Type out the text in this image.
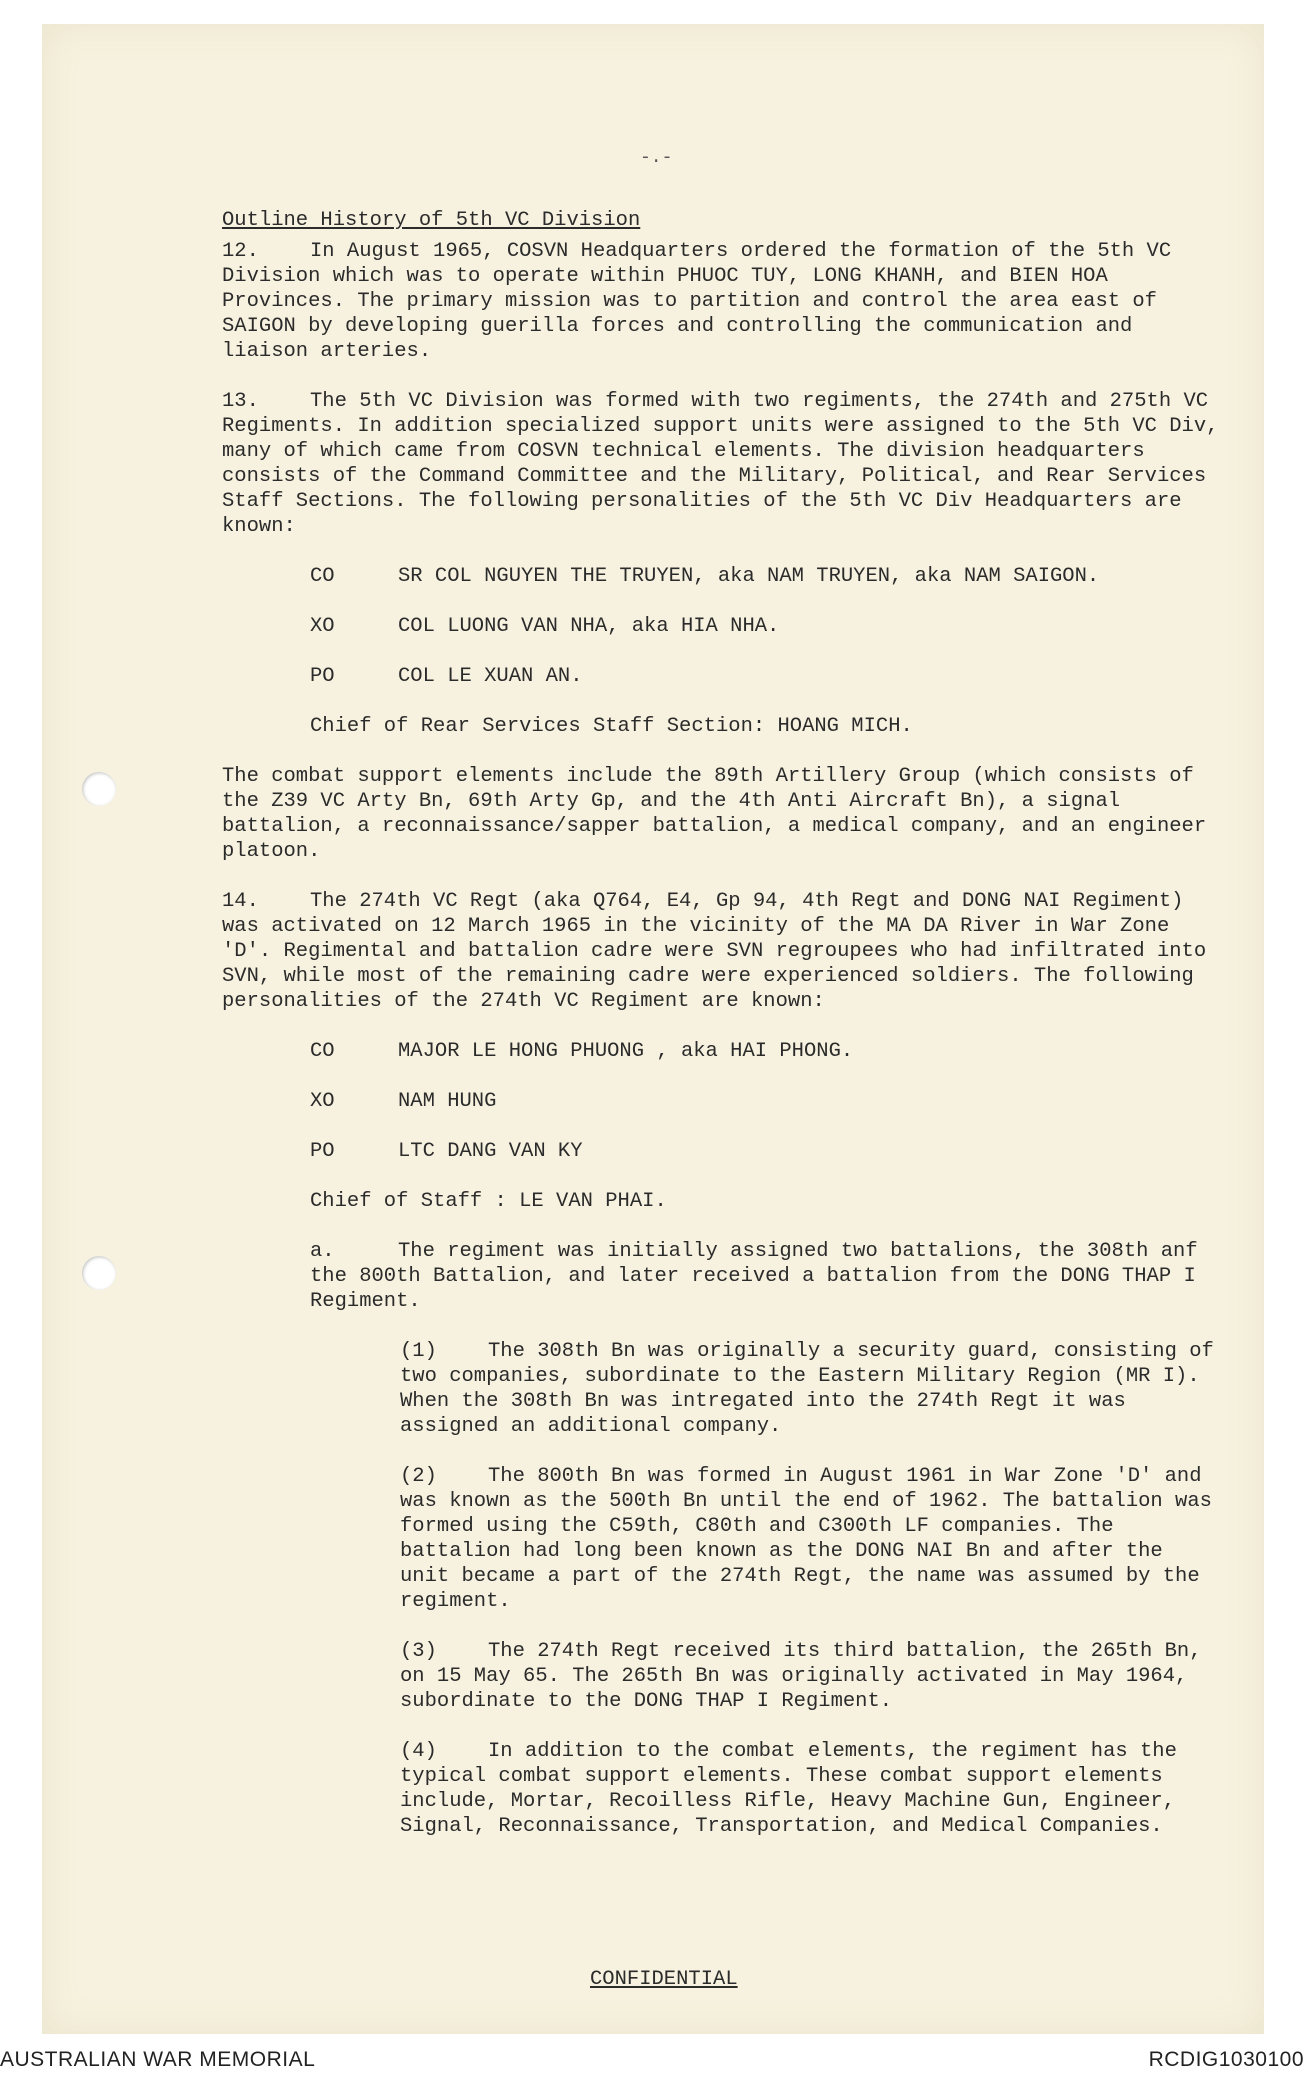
-.-

Outline History of 5th VC Division

12. In August 1965, COSVN Headquarters ordered the formation of the 5th VC Division which was to operate within PHUOC TUY, LONG KHANH, and BIEN HOA Provinces. The primary mission was to partition and control the area east of SAIGON by developing guerilla forces and controlling the communication and liaison arteries.

13. The 5th VC Division was formed with two regiments, the 274th and 275th VC Regiments. In addition specialized support units were assigned to the 5th VC Div, many of which came from COSVN technical elements. The division headquarters consists of the Command Committee and the Military, Political, and Rear Services Staff Sections. The following personalities of the 5th VC Div Headquarters are known:

CO	SR COL NGUYEN THE TRUYEN, aka NAM TRUYEN, aka NAM SAIGON.
XO	COL LUONG VAN NHA, aka HIA NHA.
PO	COL LE XUAN AN.

Chief of Rear Services Staff Section: HOANG MICH.

The combat support elements include the 89th Artillery Group (which consists of the Z39 VC Arty Bn, 69th Arty Gp, and the 4th Anti Aircraft Bn), a signal battalion, a reconnaissance/sapper battalion, a medical company, and an engineer platoon.

14. The 274th VC Regt (aka Q764, E4, Gp 94, 4th Regt and DONG NAI Regiment) was activated on 12 March 1965 in the vicinity of the MA DA River in War Zone 'D'. Regimental and battalion cadre were SVN regroupees who had infiltrated into SVN, while most of the remaining cadre were experienced soldiers. The following personalities of the 274th VC Regiment are known:

CO	MAJOR LE HONG PHUONG , aka HAI PHONG.
XO	NAM HUNG
PO	LTC DANG VAN KY

Chief of Staff : LE VAN PHAI.

a.	The regiment was initially assigned two battalions, the 308th anf the 800th Battalion, and later received a battalion from the DONG THAP I Regiment.

(1) The 308th Bn was originally a security guard, consisting of two companies, subordinate to the Eastern Military Region (MR I). When the 308th Bn was intregated into the 274th Regt it was assigned an additional company.

(2) The 800th Bn was formed in August 1961 in War Zone 'D' and was known as the 500th Bn until the end of 1962. The battalion was formed using the C59th, C80th and C300th LF companies. The battalion had long been known as the DONG NAI Bn and after the unit became a part of the 274th Regt, the name was assumed by the regiment.

(3) The 274th Regt received its third battalion, the 265th Bn, on 15 May 65. The 265th Bn was originally activated in May 1964, subordinate to the DONG THAP I Regiment.

(4) In addition to the combat elements, the regiment has the typical combat support elements. These combat support elements include, Mortar, Recoilless Rifle, Heavy Machine Gun, Engineer, Signal, Reconnaissance, Transportation, and Medical Companies.

CONFIDENTIAL
AUSTRALIAN WAR MEMORIAL	RCDIG1030100
